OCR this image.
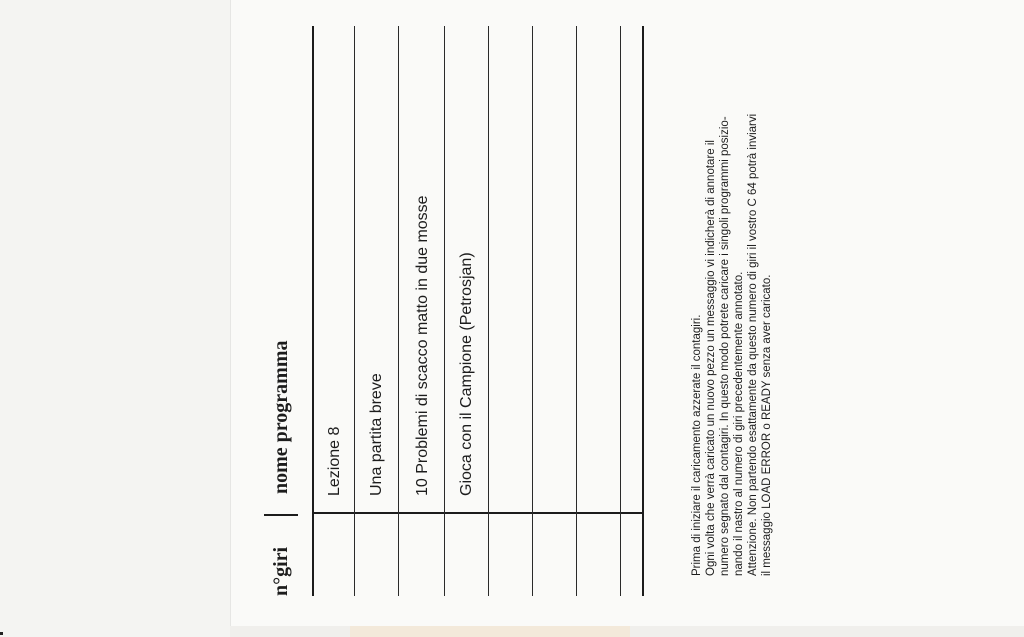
n°giri
nome programma Lezione 8 Una partita breve 10 Problemi di scacco matto in due mosse Gioca con il Campione (Petrosjan)	Prima di iniziare il caricamento azzerate il contagiri. Ogni volta che verrà caricato un nuovo pezzo un messaggio vi indicherà di annotare il numero segnato dal contagiri. In questo modo potrete caricare i singoli programmi posizio- nando il nastro al numero di giri precedentemente annotato. Attenzione. Non partendo esattamente da questo numero di giri il vostro C 64 potrà inviarvi il messaggio LOAD ERROR o READY senza aver caricato.
